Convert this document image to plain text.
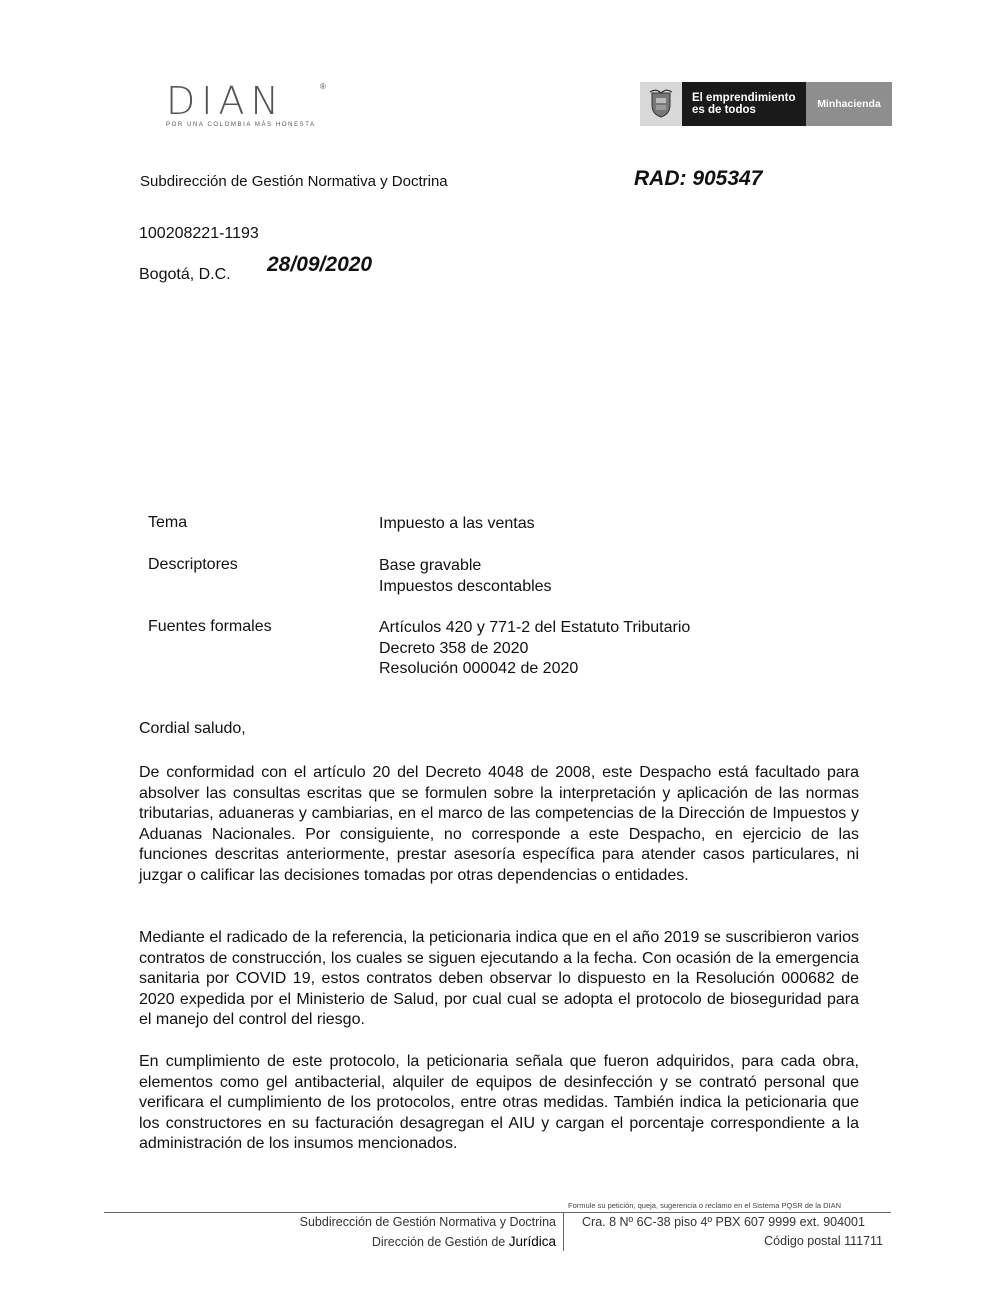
DIAN	®
POR UNA COLOMBIA MÁS HONESTA
El emprendimiento
es de todos	Minhacienda
Subdirección de Gestión Normativa y Doctrina	RAD: 905347
100208221-1193
Bogotá, D.C. 28/09/2020
Tema	Impuesto a las ventas
Descriptores	Base gravable
Impuestos descontables
Fuentes formales	Artículos 420 y 771-2 del Estatuto Tributario
Decreto 358 de 2020
Resolución 000042 de 2020
Cordial saludo,

De conformidad con el artículo 20 del Decreto 4048 de 2008, este Despacho está facultado para absolver las consultas escritas que se formulen sobre la interpretación y aplicación de las normas tributarias, aduaneras y cambiarias, en el marco de las competencias de la Dirección de Impuestos y Aduanas Nacionales. Por consiguiente, no corresponde a este Despacho, en ejercicio de las funciones descritas anteriormente, prestar asesoría específica para atender casos particulares, ni juzgar o calificar las decisiones tomadas por otras dependencias o entidades.

Mediante el radicado de la referencia, la peticionaria indica que en el año 2019 se suscribieron varios contratos de construcción, los cuales se siguen ejecutando a la fecha. Con ocasión de la emergencia sanitaria por COVID 19, estos contratos deben observar lo dispuesto en la Resolución 000682 de 2020 expedida por el Ministerio de Salud, por cual cual se adopta el protocolo de bioseguridad para el manejo del control del riesgo.

En cumplimiento de este protocolo, la peticionaria señala que fueron adquiridos, para cada obra, elementos como gel antibacterial, alquiler de equipos de desinfección y se contrató personal que verificara el cumplimiento de los protocolos, entre otras medidas. También indica la peticionaria que los constructores en su facturación desagregan el AIU y cargan el porcentaje correspondiente a la administración de los insumos mencionados.

Formule su petición, queja, sugerencia o reclamo en el Sistema PQSR de la DIAN
Subdirección de Gestión Normativa y Doctrina
Dirección de Gestión de Jurídica
Cra. 8 Nº 6C-38 piso 4º PBX 607 9999 ext. 904001
Código postal 111711
